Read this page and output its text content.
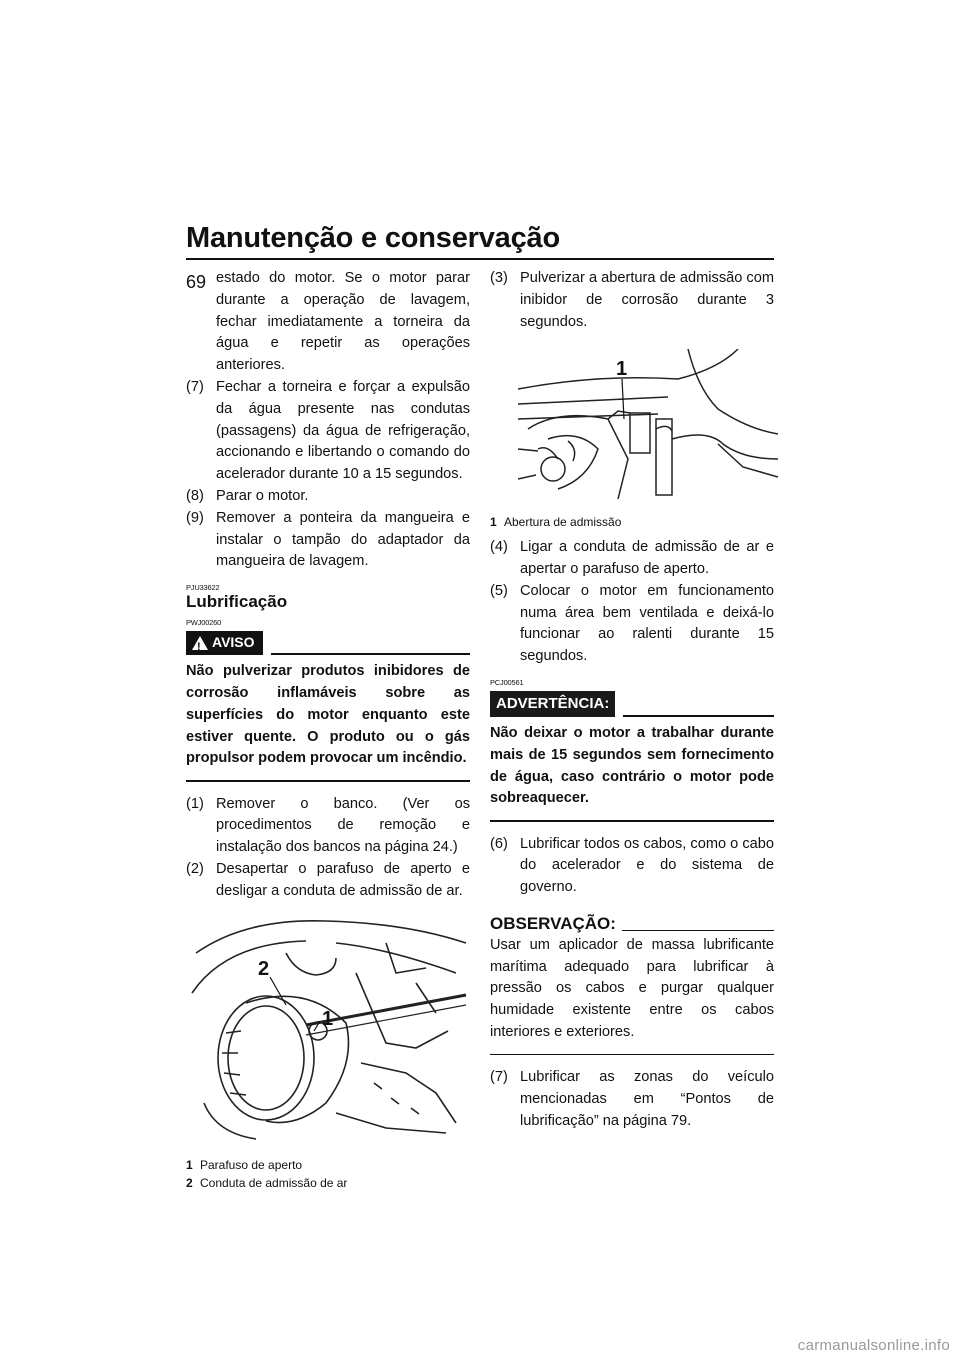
Manutenção e conservação
69 estado do motor. Se o motor parar durante a operação de lavagem, fechar imediatamente a torneira da água e repetir as operações anteriores.

(7) Fechar a torneira e forçar a expulsão da água presente nas condutas (passagens) da água de refrigeração, accionando e libertando o comando do acelerador durante 10 a 15 segundos.
(8) Parar o motor.
(9) Remover a ponteira da mangueira e instalar o tampão do adaptador da mangueira de lavagem.
PJU33622
Lubrificação
PWJ00260
!
AVISO

Não pulverizar produtos inibidores de corrosão inflamáveis sobre as superfícies do motor enquanto este estiver quente. O produto ou o gás propulsor podem provocar um incêndio.

(1) Remover o banco. (Ver os procedimentos de remoção e instalação dos bancos na página 24.)
(2) Desapertar o parafuso de aperto e desligar a conduta de admissão de ar.
2
1
1 Parafuso de aperto
2 Conduta de admissão de ar
(3) Pulverizar a abertura de admissão com inibidor de corrosão durante 3 segundos.
1
1 Abertura de admissão
(4) Ligar a conduta de admissão de ar e apertar o parafuso de aperto.
(5) Colocar o motor em funcionamento numa área bem ventilada e deixá-lo funcionar ao ralenti durante 15 segundos.
PCJ00561
ADVERTÊNCIA:

Não deixar o motor a trabalhar durante mais de 15 segundos sem fornecimento de água, caso contrário o motor pode sobreaquecer.

(6) Lubrificar todos os cabos, como o cabo do acelerador e do sistema de governo.
OBSERVAÇÃO:

Usar um aplicador de massa lubrificante marítima adequado para lubrificar à pressão os cabos e purgar qualquer humidade existente entre os cabos interiores e exteriores.

(7) Lubrificar as zonas do veículo mencionadas em “Pontos de lubrificação” na página 79.
carmanualsonline.info
